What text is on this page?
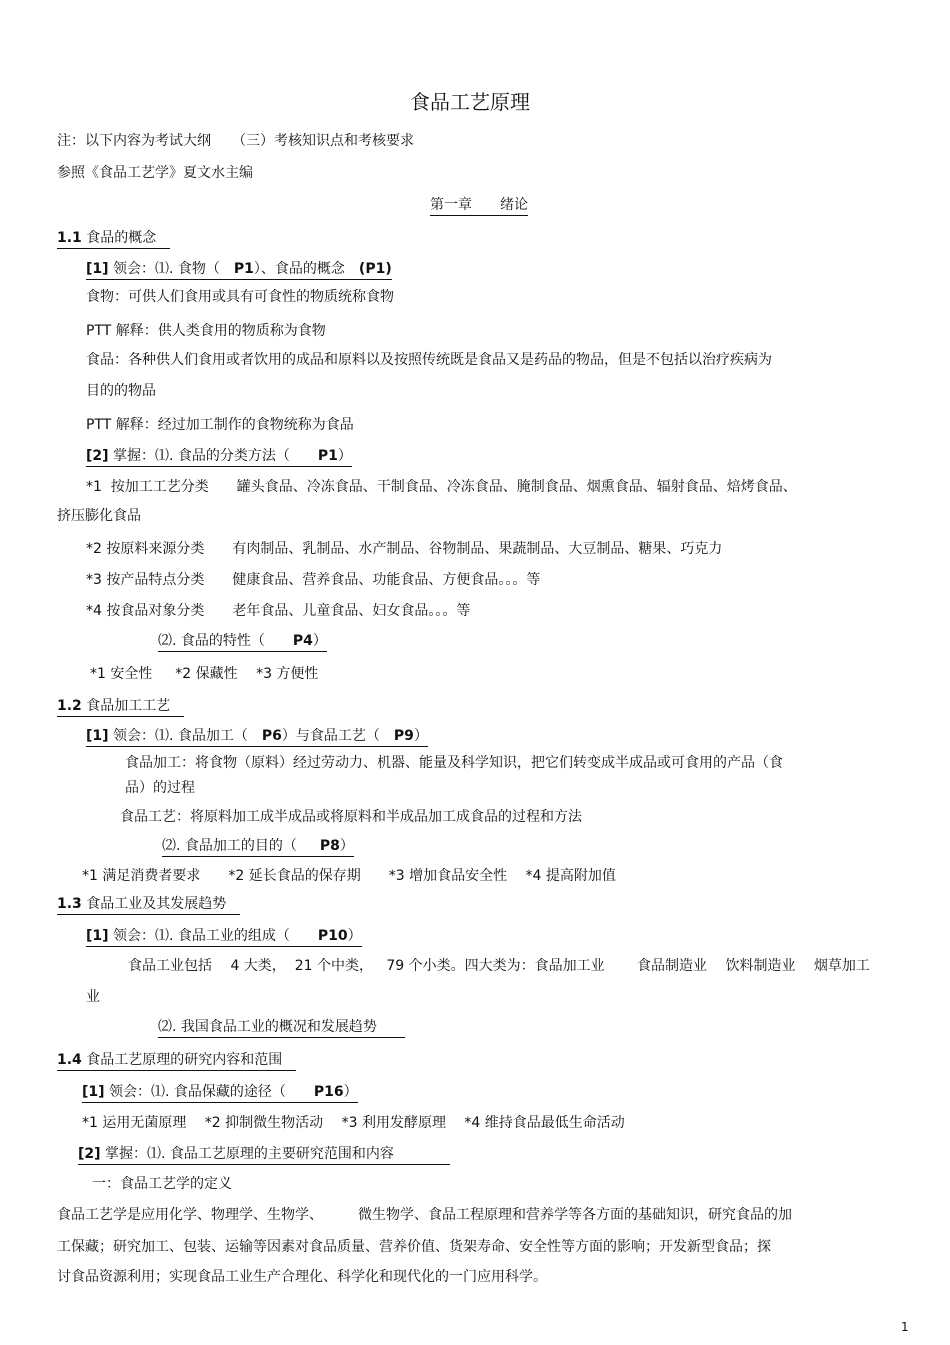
食品工艺原理
注：以下内容为考试大纲　　（三）考核知识点和考核要求
参照《食品工艺学》夏文水主编
第一章　　绪论
1.1 食品的概念　
[1] 领会：⑴. 食物（　P1）、食品的概念　(P1)
食物：可供人们食用或具有可食性的物质统称食物
PTT 解释：供人类食用的物质称为食物
食品：各种供人们食用或者饮用的成品和原料以及按照传统既是食品又是药品的物品，但是不包括以治疗疾病为
目的的物品
PTT 解释：经过加工制作的食物统称为食品
[2] 掌握：⑴. 食品的分类方法（　　P1）
*1  按加工工艺分类　　罐头食品、冷冻食品、干制食品、冷冻食品、腌制食品、烟熏食品、辐射食品、焙烤食品、
挤压膨化食品
*2 按原料来源分类　　有肉制品、乳制品、水产制品、谷物制品、果蔬制品、大豆制品、糖果、巧克力
*3 按产品特点分类　　健康食品、营养食品、功能食品、方便食品。。。等
*4 按食品对象分类　　老年食品、儿童食品、妇女食品。。。等
⑵. 食品的特性（　　P4）
*1 安全性　  *2 保藏性　 *3 方便性
1.2 食品加工工艺　
[1] 领会：⑴. 食品加工（　P6）与食品工艺（　P9）
食品加工：将食物（原料）经过劳动力、机器、能量及科学知识，把它们转变成半成品或可食用的产品（食
品）的过程
食品工艺：将原料加工成半成品或将原料和半成品加工成食品的过程和方法
⑵. 食品加工的目的（　  P8）
*1 满足消费者要求　　*2 延长食品的保存期　　*3 增加食品安全性　 *4 提高附加值
1.3 食品工业及其发展趋势　
[1] 领会：⑴. 食品工业的组成（　　P10）
食品工业包括　 4 大类，  21 个中类，   79 个小类。四大类为：食品加工业　　 食品制造业　 饮料制造业　 烟草加工
业
⑵. 我国食品工业的概况和发展趋势　　
1.4 食品工艺原理的研究内容和范围　
[1] 领会：⑴. 食品保藏的途径（　　P16）
*1 运用无菌原理　 *2 抑制微生物活动　 *3 利用发酵原理　 *4 维持食品最低生命活动
[2] 掌握：⑴. 食品工艺原理的主要研究范围和内容　　　　
一：食品工艺学的定义
食品工艺学是应用化学、物理学、生物学、　　　微生物学、食品工程原理和营养学等各方面的基础知识，研究食品的加
工保藏；研究加工、包装、运输等因素对食品质量、营养价值、货架寿命、安全性等方面的影响；开发新型食品；探
讨食品资源利用；实现食品工业生产合理化、科学化和现代化的一门应用科学。
1
